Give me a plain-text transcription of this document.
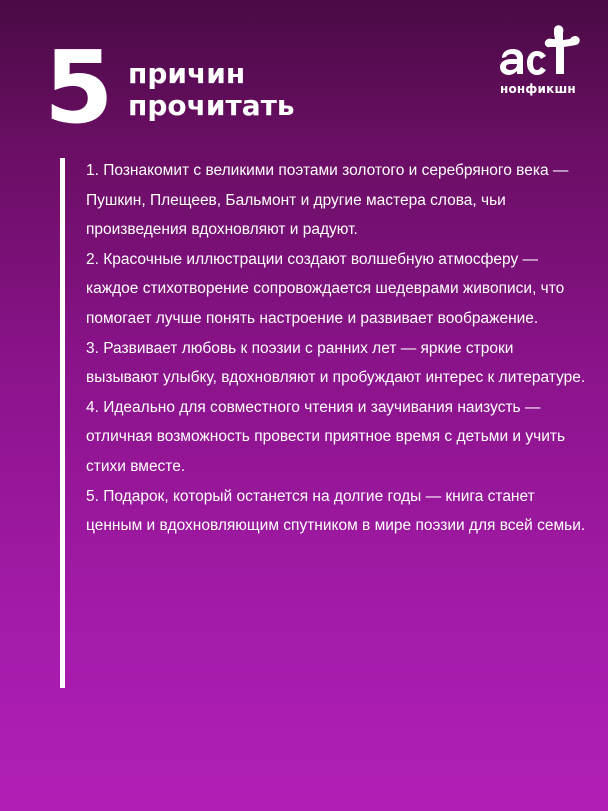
5 причин
прочитать	нонфикшн

1. Познакомит с великими поэтами золотого и серебряного века — Пушкин, Плещеев, Бальмонт и другие мастера слова, чьи произведения вдохновляют и радуют.

2. Красочные иллюстрации создают волшебную атмосферу — каждое стихотворение сопровождается шедеврами живописи, что помогает лучше понять настроение и развивает воображение.

3. Развивает любовь к поэзии с ранних лет — яркие строки вызывают улыбку, вдохновляют и пробуждают интерес к литературе.

4. Идеально для совместного чтения и заучивания наизусть — отличная возможность провести приятное время с детьми и учить стихи вместе.

5. Подарок, который останется на долгие годы — книга станет ценным и вдохновляющим спутником в мире поэзии для всей семьи.
